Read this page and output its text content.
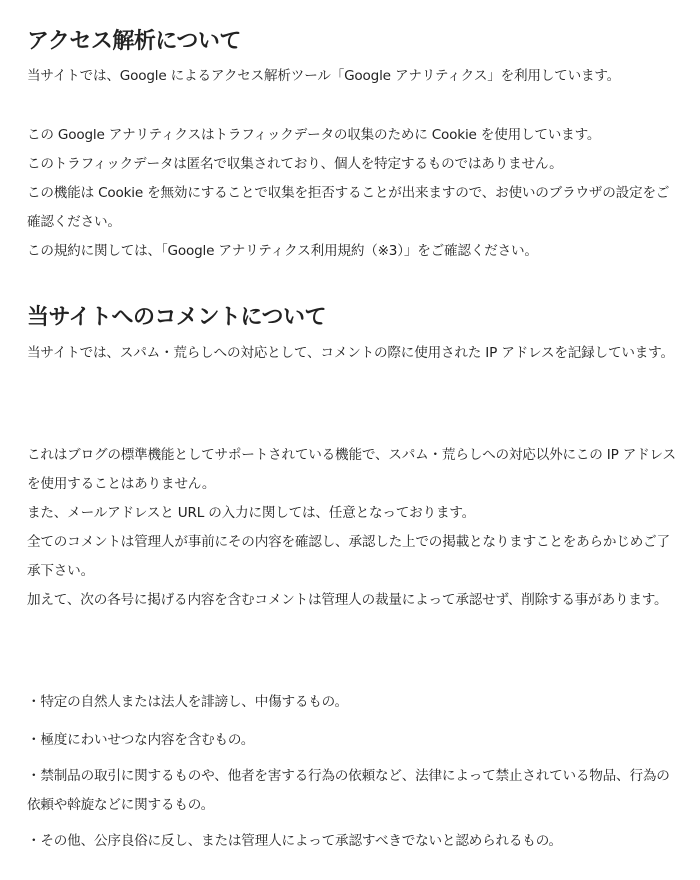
アクセス解析について

当サイトでは、Google によるアクセス解析ツール「Google アナリティクス」を利用しています。

この Google アナリティクスはトラフィックデータの収集のために Cookie を使用しています。

このトラフィックデータは匿名で収集されており、個人を特定するものではありません。

この機能は Cookie を無効にすることで収集を拒否することが出来ますので、お使いのブラウザの設定をご確認ください。

この規約に関しては、「Google アナリティクス利用規約（※3）」をご確認ください。

当サイトへのコメントについて

当サイトでは、スパム・荒らしへの対応として、コメントの際に使用された IP アドレスを記録しています。

これはブログの標準機能としてサポートされている機能で、スパム・荒らしへの対応以外にこの IP アドレスを使用することはありません。

また、メールアドレスと URL の入力に関しては、任意となっております。

全てのコメントは管理人が事前にその内容を確認し、承認した上での掲載となりますことをあらかじめご了承下さい。

加えて、次の各号に掲げる内容を含むコメントは管理人の裁量によって承認せず、削除する事があります。

・特定の自然人または法人を誹謗し、中傷するもの。

・極度にわいせつな内容を含むもの。

・禁制品の取引に関するものや、他者を害する行為の依頼など、法律によって禁止されている物品、行為の依頼や斡旋などに関するもの。

・その他、公序良俗に反し、または管理人によって承認すべきでないと認められるもの。
